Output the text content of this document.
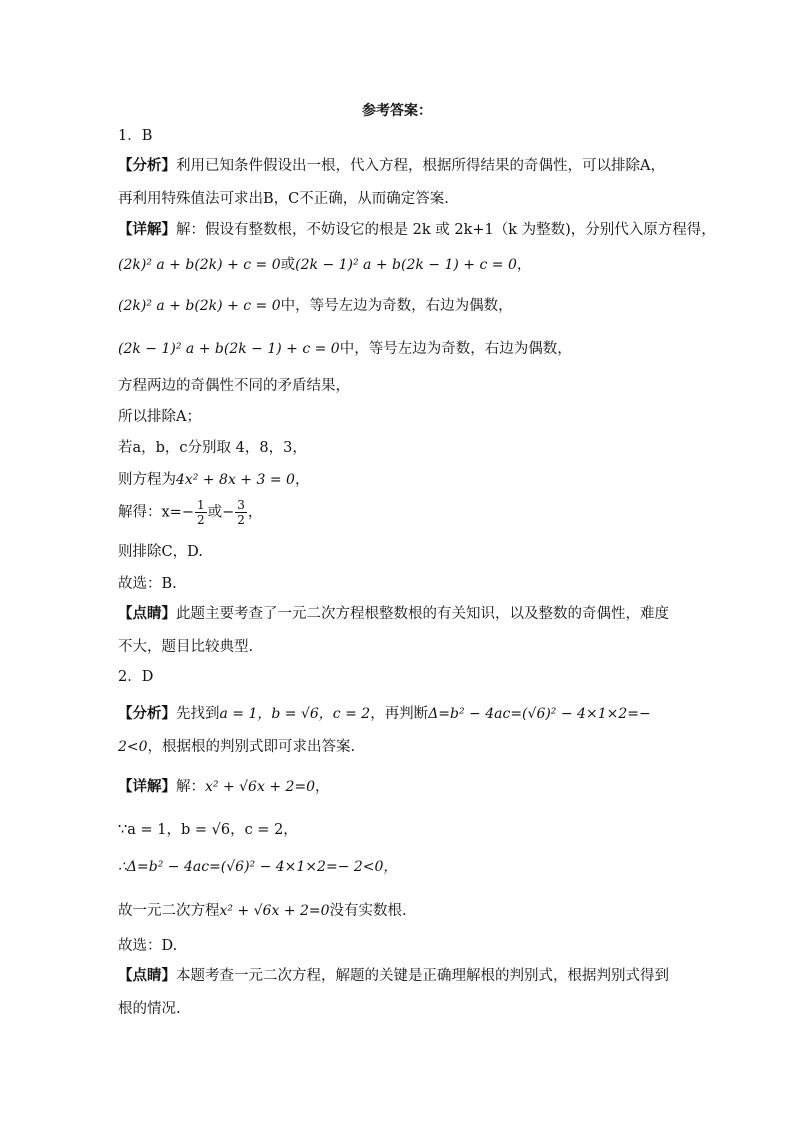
参考答案：
1．B
【分析】利用已知条件假设出一根，代入方程，根据所得结果的奇偶性，可以排除A，再利用特殊值法可求出B，C不正确，从而确定答案.
【详解】解：假设有整数根，不妨设它的根是 2k 或 2k+1（k 为整数)，分别代入原方程得，
(2k)² a + b(2k) + c = 0或(2k − 1)² a + b(2k − 1) + c = 0，
(2k)² a + b(2k) + c = 0中，等号左边为奇数，右边为偶数，
(2k − 1)² a + b(2k − 1) + c = 0中，等号左边为奇数，右边为偶数，
方程两边的奇偶性不同的矛盾结果，
所以排除A；
若a，b，c分别取 4，8，3，
则方程为4x² + 8x + 3 = 0，
解得：$x=- \frac{1}{2}$ 或− $\frac{3}{2}$ ，
则排除C，D.
故选：B.
【点睛】此题主要考查了一元二次方程根整数根的有关知识，以及整数的奇偶性，难度不大，题目比较典型.
2．D
【分析】先找到a = 1，b = √6，c = 2，再判断Δ=b² − 4ac=(√6)² − 4×1×2=− 2<0，根据根的判别式即可求出答案.
【详解】解：x² + √6x + 2=0，
∵a = 1，b = √6，c = 2，
∴Δ=b² − 4ac=(√6)² − 4×1×2=− 2<0，
故一元二次方程x² + √6x + 2=0没有实数根.
故选：D.
【点睛】本题考查一元二次方程，解题的关键是正确理解根的判别式，根据判别式得到根的情况.
